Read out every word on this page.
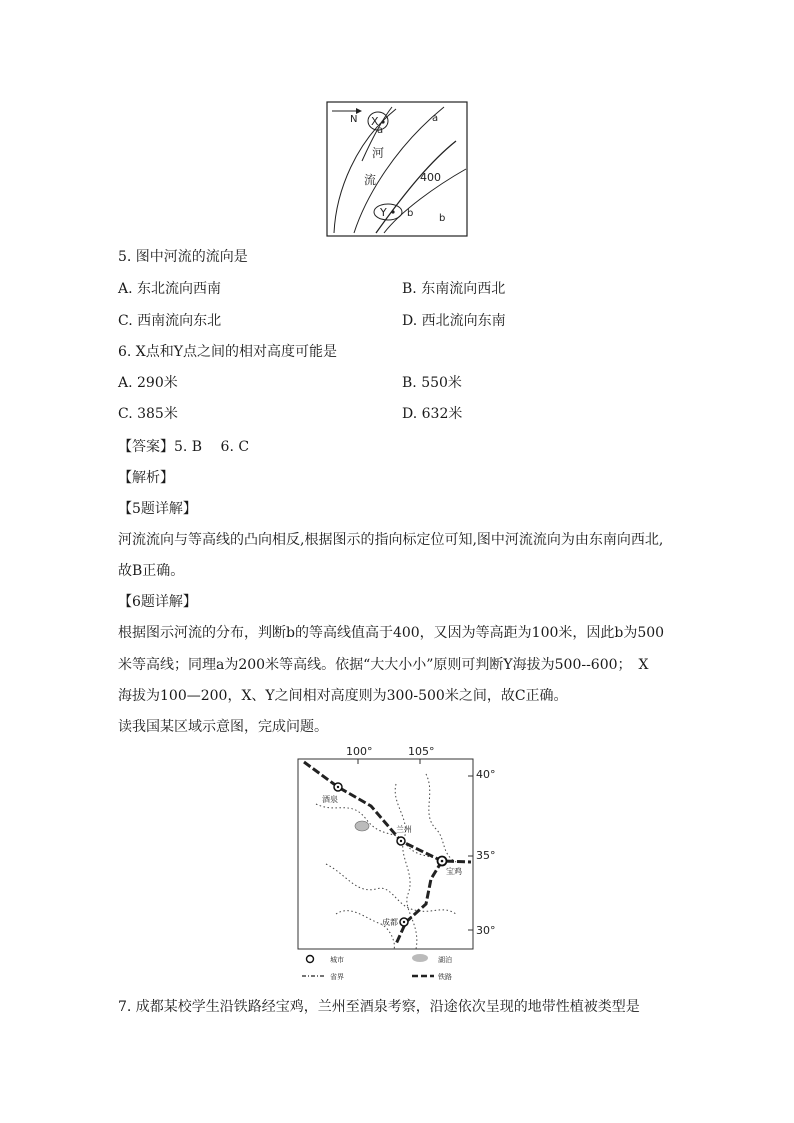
N X
a
a
河
流	400
Y b	b
5. 图中河流的流向是
A. 东北流向西南	B. 东南流向西北
C. 西南流向东北	D. 西北流向东南
6. X点和Y点之间的相对高度可能是
A. 290米	B. 550米
C. 385米	D. 632米
【答案】5. B　 6. C
【解析】
【5题详解】
河流流向与等高线的凸向相反,根据图示的指向标定位可知,图中河流流向为由东南向西北,
故B正确。
【6题详解】
根据图示河流的分布，判断b的等高线值高于400，又因为等高距为100米，因此b为500
米等高线；同理a为200米等高线。依据“大大小小”原则可判断Y海拔为500--600；　X
海拔为100—200，X、Y之间相对高度则为300-500米之间，故C正确。
读我国某区域示意图，完成问题。
100°	105°
40°
35°
30°
酒泉
兰州
宝鸡
成都
城市	湖泊
省界	铁路
7. 成都某校学生沿铁路经宝鸡，兰州至酒泉考察，沿途依次呈现的地带性植被类型是
